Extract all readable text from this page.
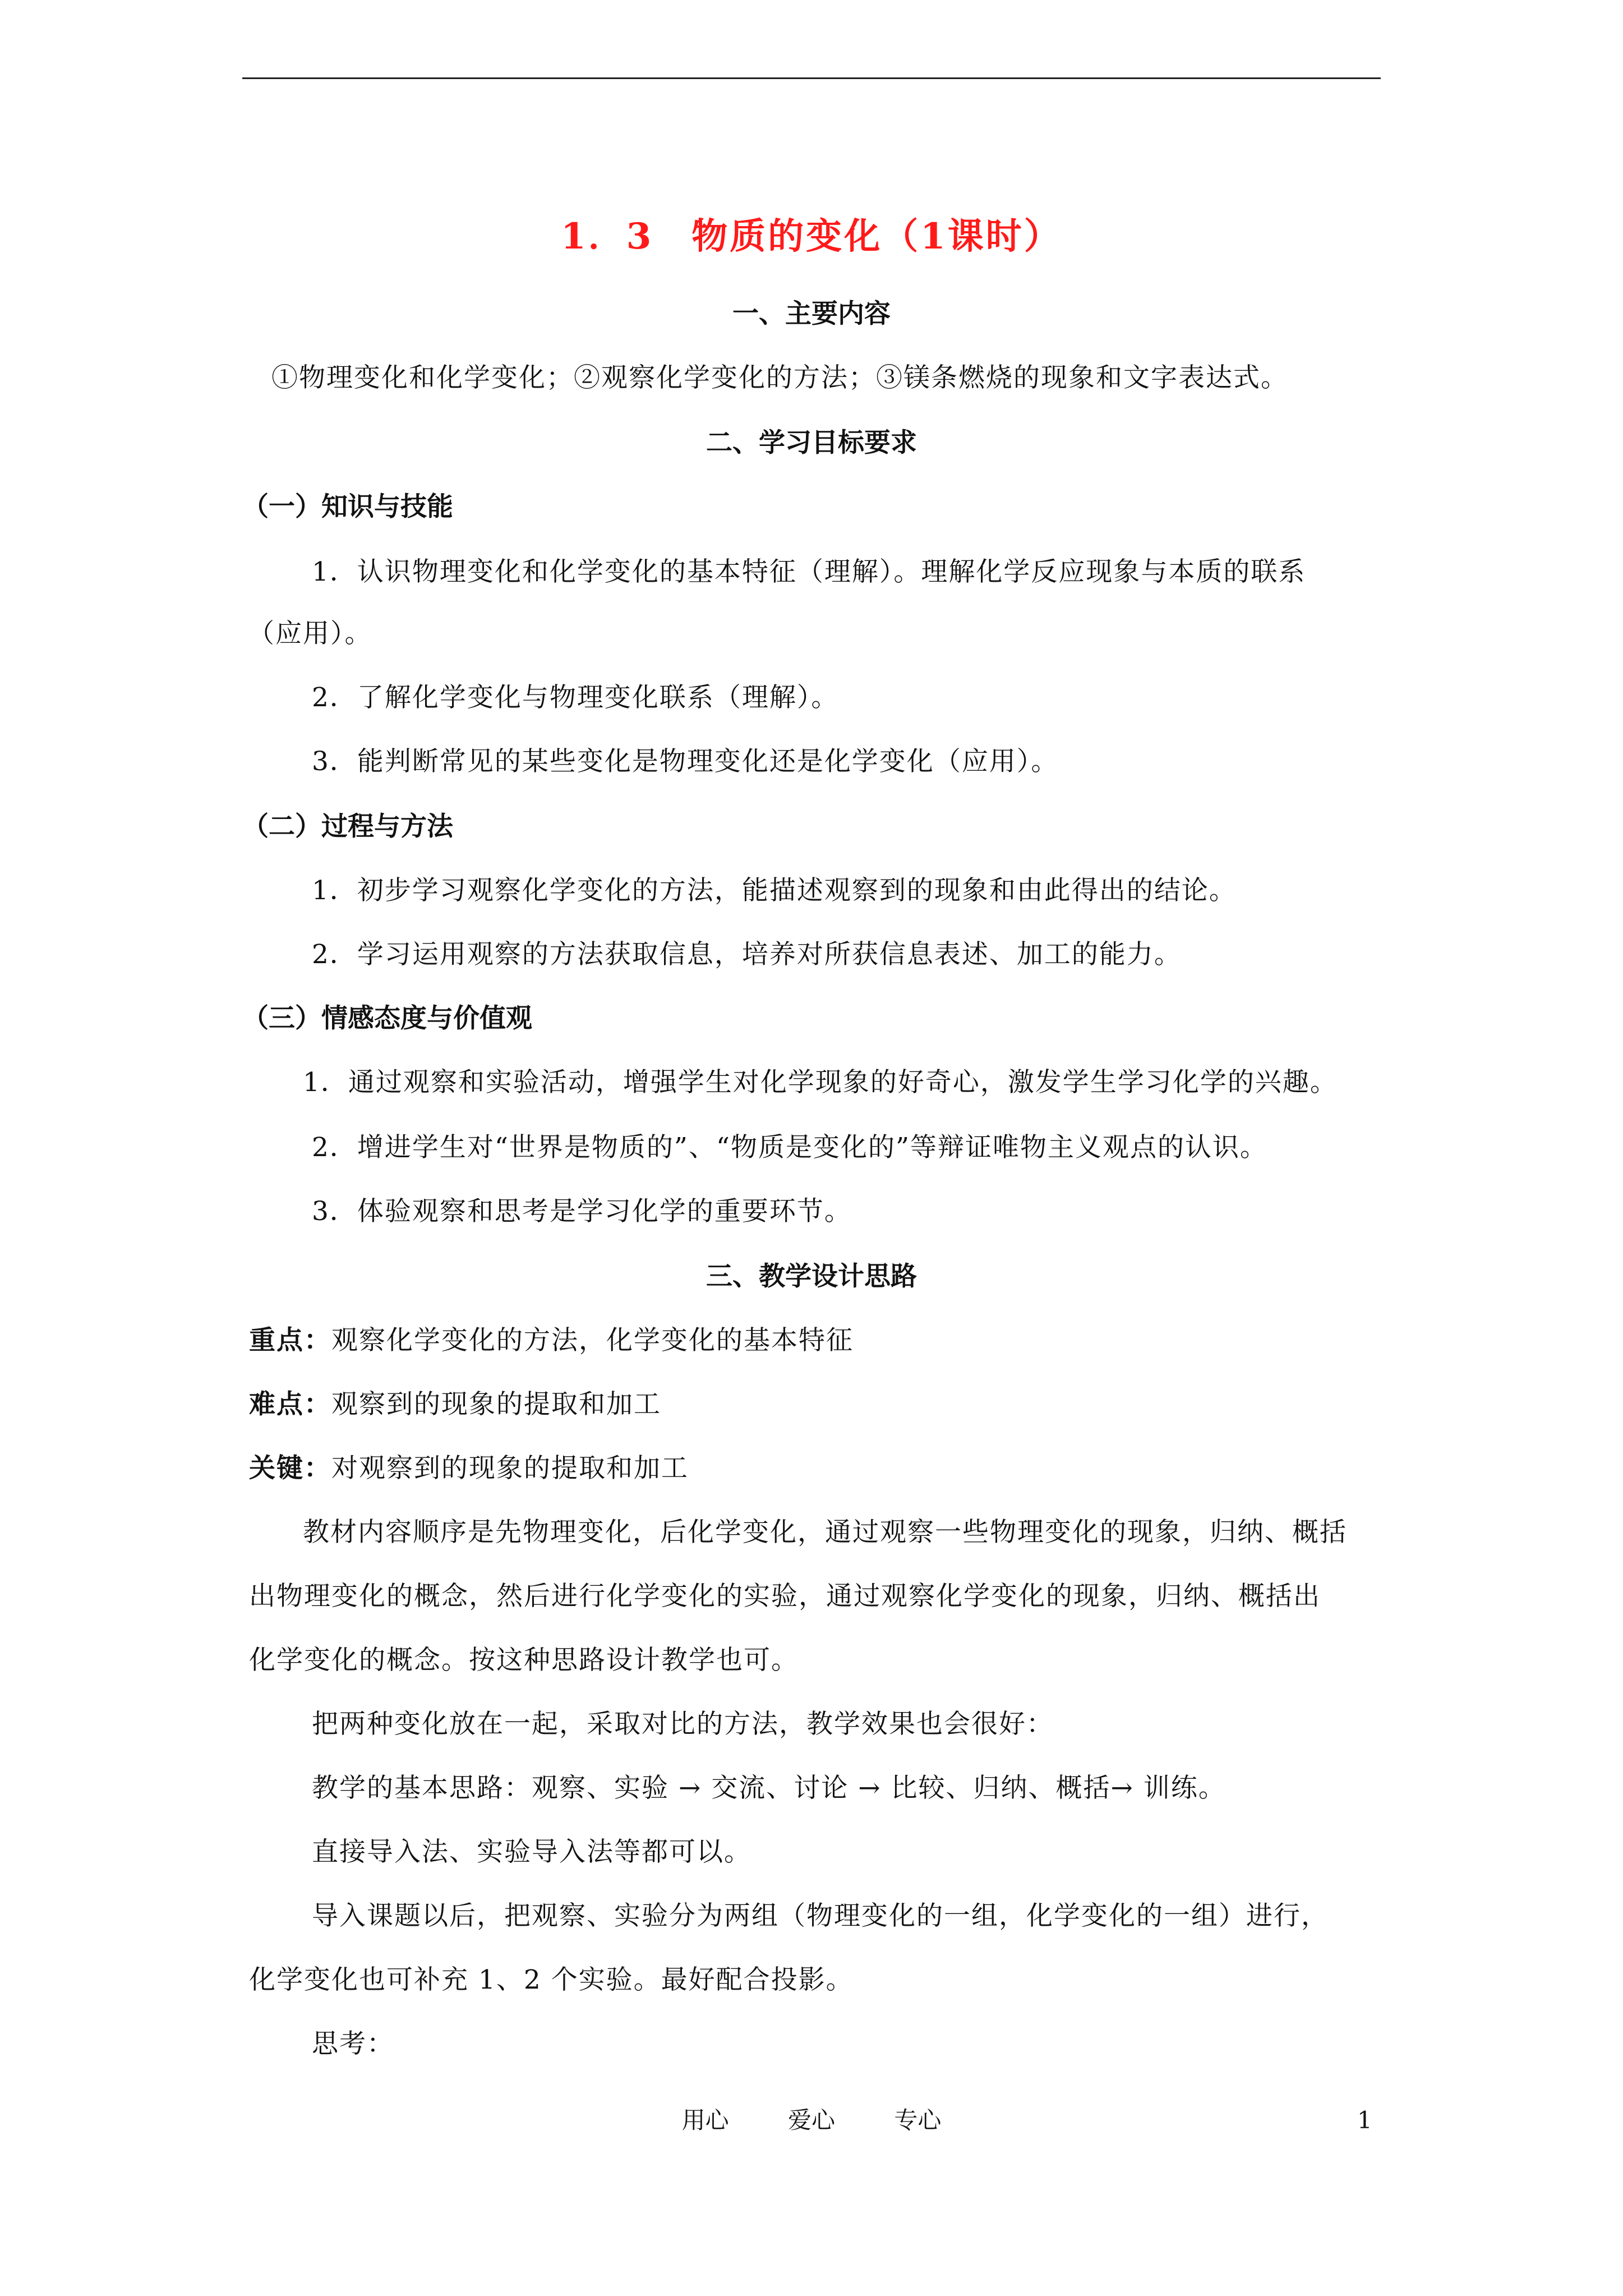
1．3　物质的变化（1课时）
一、主要内容
①物理变化和化学变化；②观察化学变化的方法；③镁条燃烧的现象和文字表达式。
二、学习目标要求
（一）知识与技能
1．认识物理变化和化学变化的基本特征（理解）。理解化学反应现象与本质的联系
（应用）。
2．了解化学变化与物理变化联系（理解）。
3．能判断常见的某些变化是物理变化还是化学变化（应用）。
（二）过程与方法
1．初步学习观察化学变化的方法，能描述观察到的现象和由此得出的结论。
2．学习运用观察的方法获取信息，培养对所获信息表述、加工的能力。
（三）情感态度与价值观
1．通过观察和实验活动，增强学生对化学现象的好奇心，激发学生学习化学的兴趣。
2．增进学生对“世界是物质的”、“物质是变化的”等辩证唯物主义观点的认识。
3．体验观察和思考是学习化学的重要环节。
三、教学设计思路
重点：观察化学变化的方法，化学变化的基本特征
难点：观察到的现象的提取和加工
关键：对观察到的现象的提取和加工
教材内容顺序是先物理变化，后化学变化，通过观察一些物理变化的现象，归纳、概括
出物理变化的概念，然后进行化学变化的实验，通过观察化学变化的现象，归纳、概括出
化学变化的概念。按这种思路设计教学也可。
把两种变化放在一起，采取对比的方法，教学效果也会很好：
教学的基本思路：观察、实验 → 交流、讨论 → 比较、归纳、概括→ 训练。
直接导入法、实验导入法等都可以。
导入课题以后，把观察、实验分为两组（物理变化的一组，化学变化的一组）进行，
化学变化也可补充 1、2 个实验。最好配合投影。
思考：
用心	爱心	专心	1
